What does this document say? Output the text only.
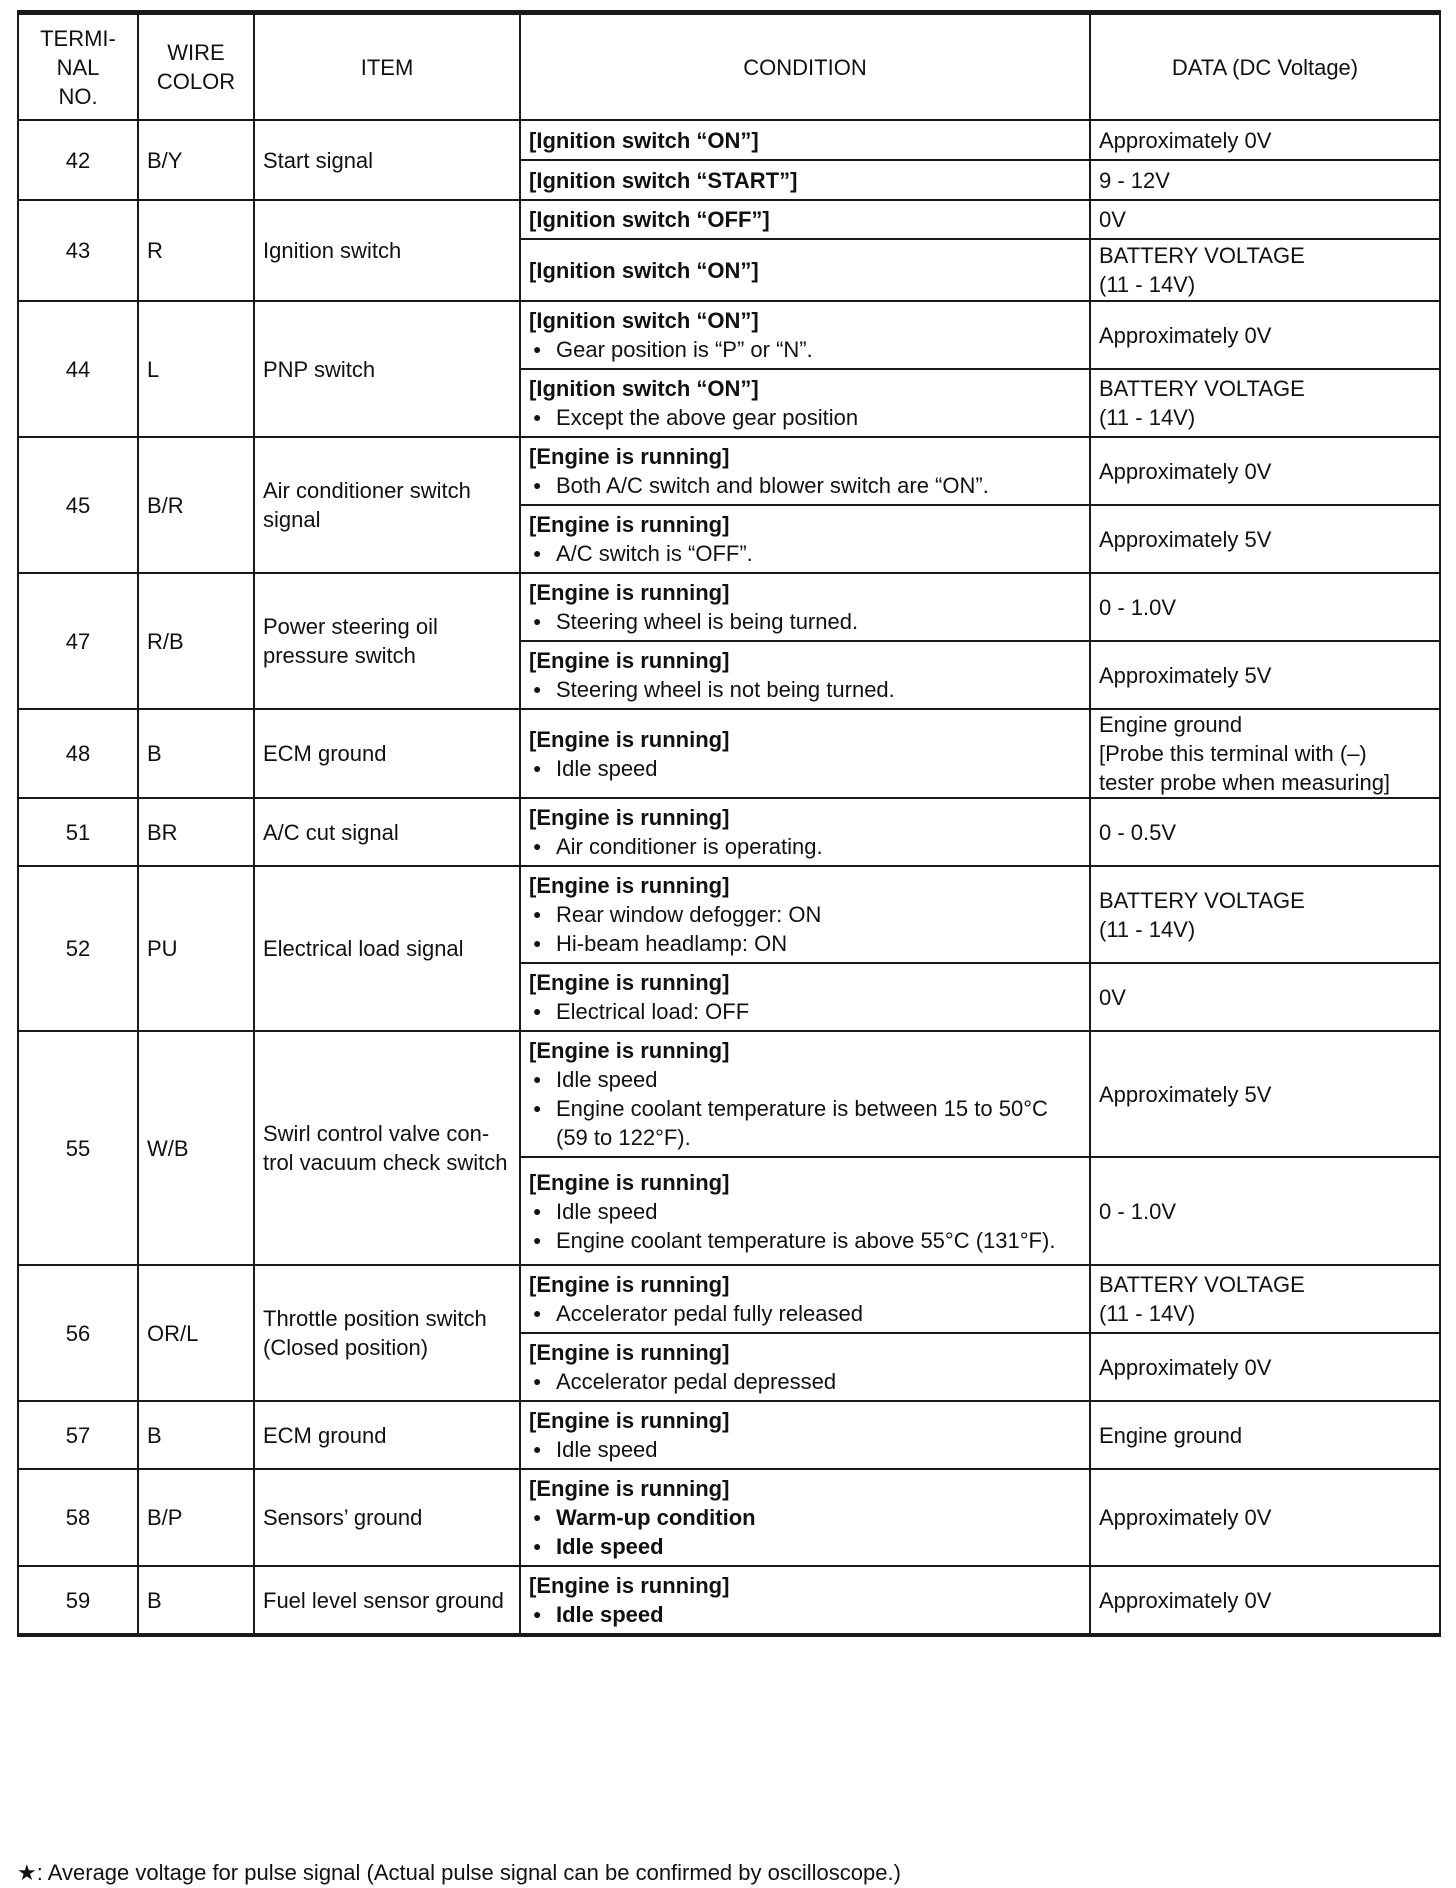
TERMI-
NAL
NO.	WIRE
COLOR	ITEM	CONDITION	DATA (DC Voltage)
42	B/Y	Start signal	[Ignition switch “ON”]	Approximately 0V

			[Ignition switch “START”]	9 - 12V

43	R	Ignition switch	[Ignition switch “OFF”]	0V

			[Ignition switch “ON”]	BATTERY VOLTAGE
(11 - 14V)

44	L	PNP switch	[Ignition switch “ON”]
● Gear position is “P” or “N”.	Approximately 0V

			[Ignition switch “ON”]
● Except the above gear position	BATTERY VOLTAGE
(11 - 14V)

45	B/R	Air conditioner switch signal	[Engine is running]
● Both A/C switch and blower switch are “ON”.	Approximately 0V

			[Engine is running]
● A/C switch is “OFF”.	Approximately 5V

47	R/B	Power steering oil pressure switch	[Engine is running]
● Steering wheel is being turned.	0 - 1.0V

			[Engine is running]
● Steering wheel is not being turned.	Approximately 5V

48	B	ECM ground	[Engine is running]
● Idle speed	Engine ground
[Probe this terminal with (–)
tester probe when measuring]

51	BR	A/C cut signal	[Engine is running]
● Air conditioner is operating.	0 - 0.5V

52	PU	Electrical load signal	[Engine is running]
● Rear window defogger: ON
● Hi-beam headlamp: ON	BATTERY VOLTAGE
(11 - 14V)

			[Engine is running]
● Electrical load: OFF	0V

55	W/B	Swirl control valve con-trol vacuum check switch	[Engine is running]
● Idle speed
● Engine coolant temperature is between 15 to 50°C (59 to 122°F).	Approximately 5V

			[Engine is running]
● Idle speed
● Engine coolant temperature is above 55°C (131°F).	0 - 1.0V

56	OR/L	Throttle position switch (Closed position)	[Engine is running]
● Accelerator pedal fully released	BATTERY VOLTAGE
(11 - 14V)

			[Engine is running]
● Accelerator pedal depressed	Approximately 0V

57	B	ECM ground	[Engine is running]
● Idle speed	Engine ground

58	B/P	Sensors’ ground	[Engine is running]
● Warm-up condition
● Idle speed	Approximately 0V

59	B	Fuel level sensor ground	[Engine is running]
● Idle speed	Approximately 0V
★: Average voltage for pulse signal (Actual pulse signal can be confirmed by oscilloscope.)
